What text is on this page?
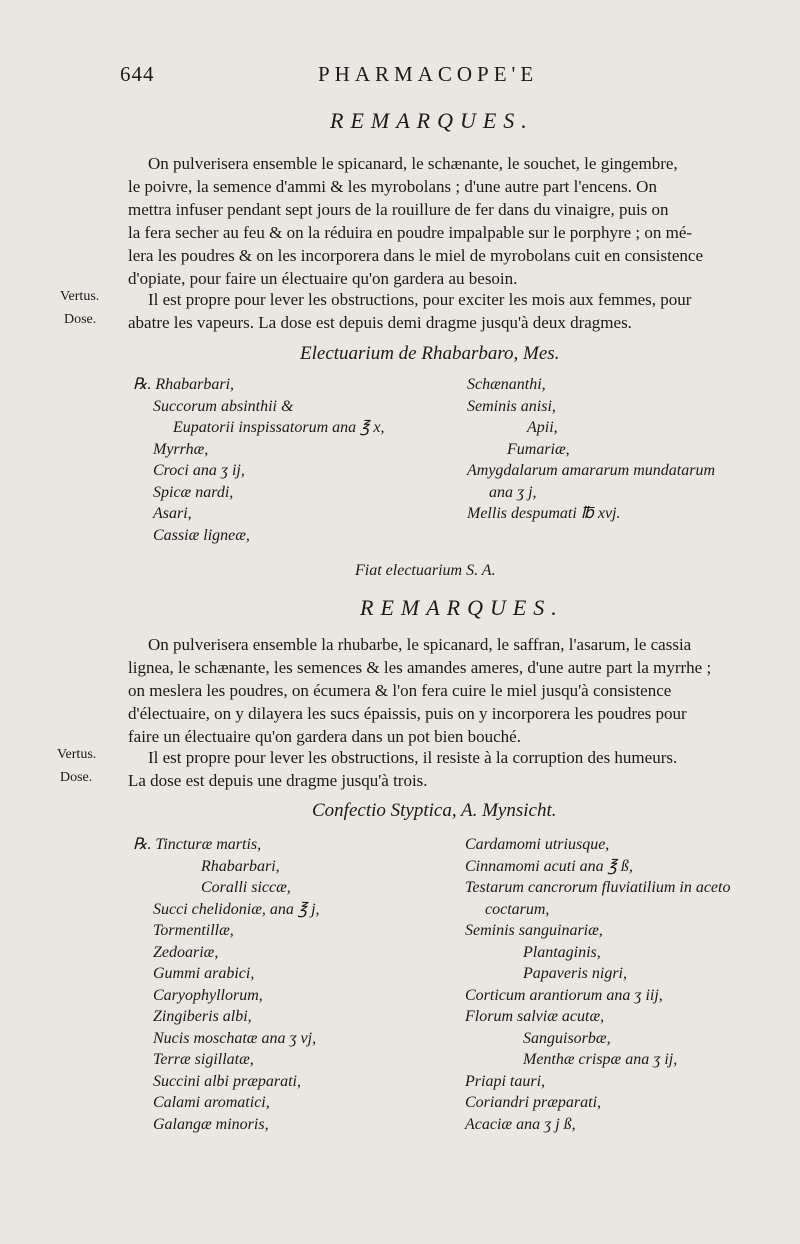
644	PHARMACOPE'E
REMARQUES.
On pulverisera ensemble le spicanard, le schænante, le souchet, le gingembre,
le poivre, la semence d'ammi & les myrobolans ; d'une autre part l'encens. On
mettra infuser pendant sept jours de la rouillure de fer dans du vinaigre, puis on
la fera secher au feu & on la réduira en poudre impalpable sur le porphyre ; on mé-
lera les poudres & on les incorporera dans le miel de myrobolans cuit en consistence
d'opiate, pour faire un électuaire qu'on gardera au besoin.
Il est propre pour lever les obstructions, pour exciter les mois aux femmes, pour
abatre les vapeurs. La dose est depuis demi dragme jusqu'à deux dragmes.
Vertus.
Dose.
Electuarium de Rhabarbaro, Mes.
℞. Rhabarbari,
Succorum absinthii &
Eupatorii inspissatorum ana ℥ x,
Myrrhæ,
Croci ana ʒ ij,
Spicæ nardi,
Asari,
Cassiæ ligneæ,
Schænanthi,
Seminis anisi,
Apii,
Fumariæ,
Amygdalarum amararum mundatarum
ana ʒ j,
Mellis despumati ℔ xvj.
Fiat electuarium S. A.
REMARQUES.
On pulverisera ensemble la rhubarbe, le spicanard, le saffran, l'asarum, le cassia
lignea, le schænante, les semences & les amandes ameres, d'une autre part la myrrhe ;
on meslera les poudres, on écumera & l'on fera cuire le miel jusqu'à consistence
d'électuaire, on y dilayera les sucs épaissis, puis on y incorporera les poudres pour
faire un électuaire qu'on gardera dans un pot bien bouché.
Il est propre pour lever les obstructions, il resiste à la corruption des humeurs.
La dose est depuis une dragme jusqu'à trois.
Vertus.
Dose.
Confectio Styptica, A. Mynsicht.
℞. Tincturæ martis,
Rhabarbari,
Coralli siccæ,
Succi chelidoniæ, ana ℥ j,
Tormentillæ,
Zedoariæ,
Gummi arabici,
Caryophyllorum,
Zingiberis albi,
Nucis moschatæ ana ʒ vj,
Terræ sigillatæ,
Succini albi præparati,
Calami aromatici,
Galangæ minoris,
Cardamomi utriusque,
Cinnamomi acuti ana ℥ ß,
Testarum cancrorum fluviatilium in aceto
coctarum,
Seminis sanguinariæ,
Plantaginis,
Papaveris nigri,
Corticum arantiorum ana ʒ iij,
Florum salviæ acutæ,
Sanguisorbæ,
Menthæ crispæ ana ʒ ij,
Priapi tauri,
Coriandri præparati,
Acaciæ ana ʒ j ß,
